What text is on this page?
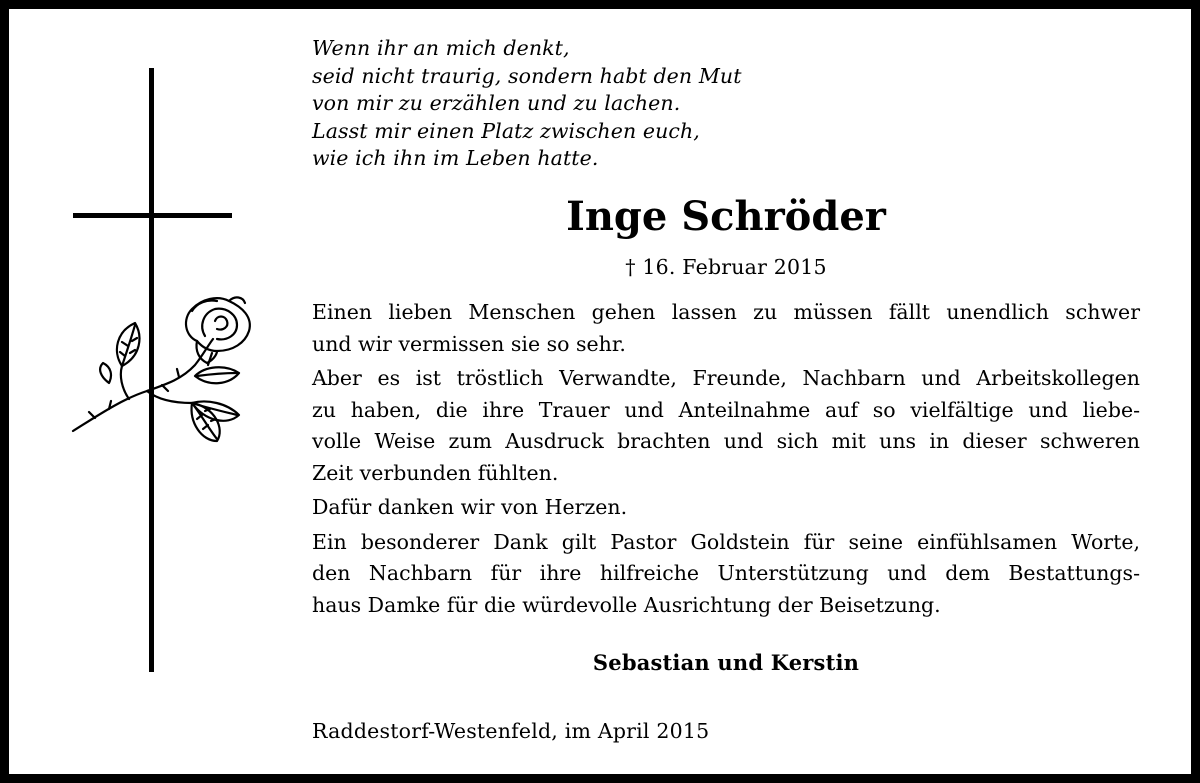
Wenn ihr an mich denkt,
seid nicht traurig, sondern habt den Mut
von mir zu erzählen und zu lachen.
Lasst mir einen Platz zwischen euch,
wie ich ihn im Leben hatte.
Inge Schröder
† 16. Februar 2015
Einen lieben Menschen gehen lassen zu müssen fällt unendlich schwer
und wir vermissen sie so sehr.
Aber es ist tröstlich Verwandte, Freunde, Nachbarn und Arbeitskollegen
zu haben, die ihre Trauer und Anteilnahme auf so vielfältige und liebe-
volle Weise zum Ausdruck brachten und sich mit uns in dieser schweren
Zeit verbunden fühlten.
Dafür danken wir von Herzen.
Ein besonderer Dank gilt Pastor Goldstein für seine einfühlsamen Worte,
den Nachbarn für ihre hilfreiche Unterstützung und dem Bestattungs-
haus Damke für die würdevolle Ausrichtung der Beisetzung.
Sebastian und Kerstin
Raddestorf-Westenfeld, im April 2015
